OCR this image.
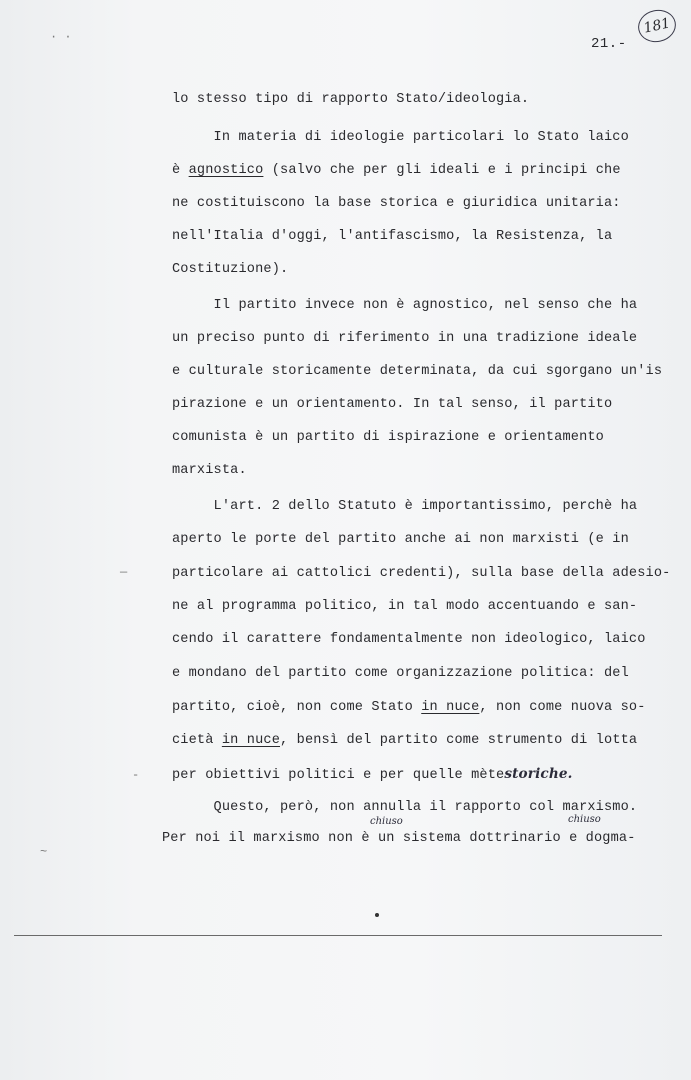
21.-
181
lo stesso tipo di rapporto Stato/ideologia.
In materia di ideologie particolari lo Stato laico
è agnostico (salvo che per gli ideali e i principi che
ne costituiscono la base storica e giuridica unitaria:
nell'Italia d'oggi, l'antifascismo, la Resistenza, la
Costituzione).
Il partito invece non è agnostico, nel senso che ha
un preciso punto di riferimento in una tradizione ideale
e culturale storicamente determinata, da cui sgorgano un'is
pirazione e un orientamento. In tal senso, il partito
comunista è un partito di ispirazione e orientamento
marxista.
L'art. 2 dello Statuto è importantissimo, perchè ha
aperto le porte del partito anche ai non marxisti (e in
particolare ai cattolici credenti), sulla base della adesio-
ne al programma politico, in tal modo accentuando e san-
cendo il carattere fondamentalmente non ideologico, laico
e mondano del partito come organizzazione politica: del
partito, cioè, non come Stato in nuce, non come nuova so-
cietà in nuce, bensì del partito come strumento di lotta
per obiettivi politici e per quelle mètestoriche.
Questo, però, non annulla il rapporto col marxismo.
Per noi il marxismo non è un sistema dottrinario e dogma-
chiuso	chiuso
· ·
—
-
~
